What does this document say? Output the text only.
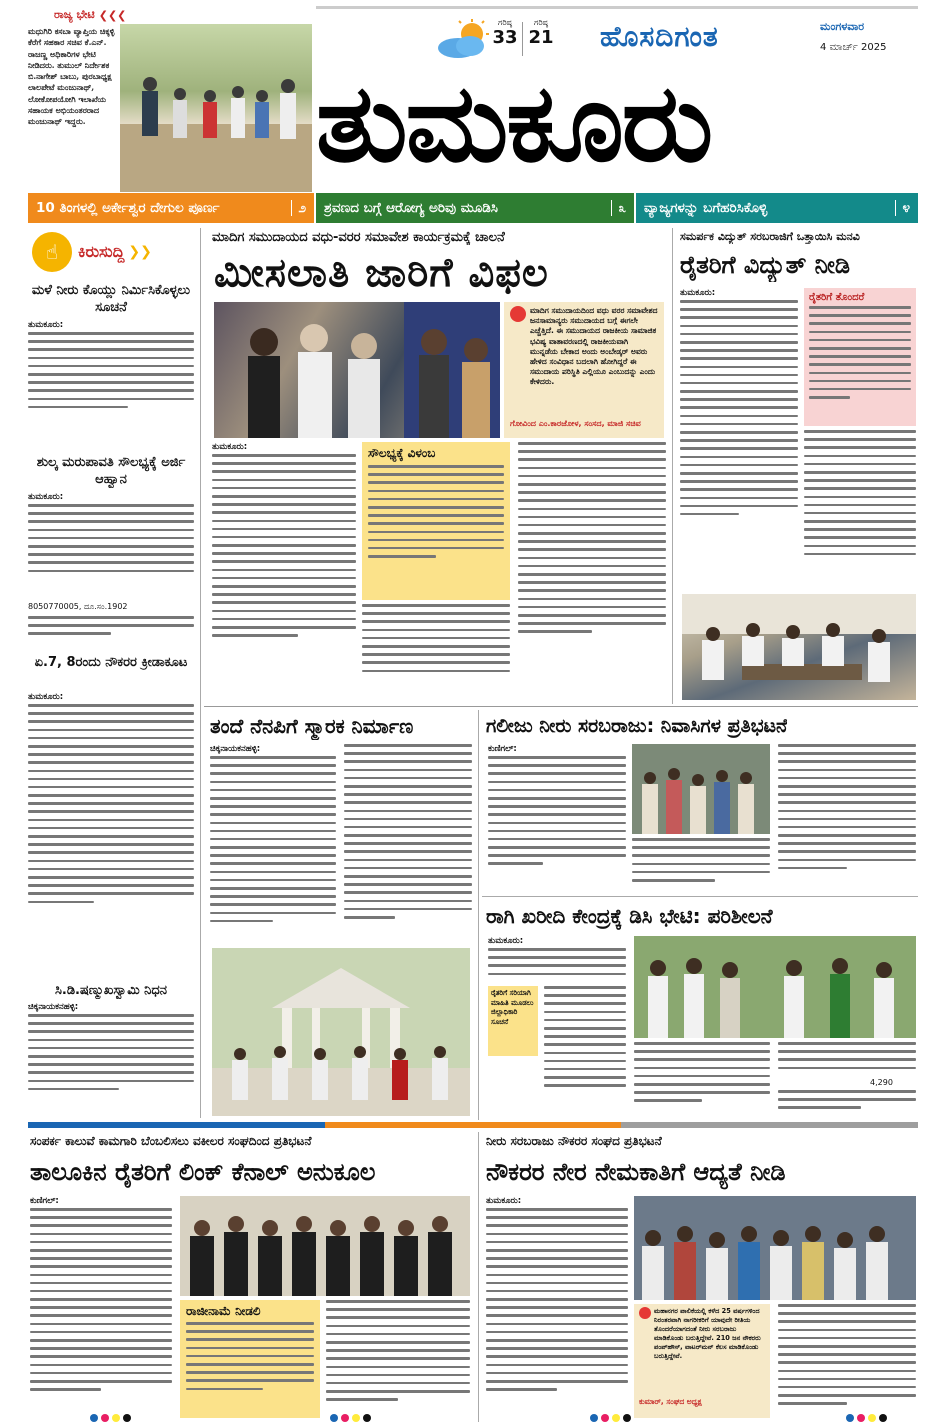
ರಾಜ್ಯ ಭೇಟಿ ❮❮❮
ಮಧುಗಿರಿ ಕಸಬಾ ವ್ಯಾಪ್ತಿಯ ಚಿಕ್ಕಳ್ಳಿ ಕೆರೆಗೆ ಸಹಕಾರ ಸಚಿವ ಕೆ.ಎನ್. ರಾಜಣ್ಣ ಅಧಿಕಾರಿಗಳ ಭೇಟಿ ನೀಡಿದರು. ತುಮುಲ್ ನಿರ್ದೇಶಕ ಬಿ.ನಾಗೇಶ್ ಬಾಬು, ಪುರಬಾಧ್ಯಕ್ಷ ಲಾಲಪೇಟೆ ಮಂಜುನಾಥ್, ಲೋಕೋಪಯೋಗಿ ಇಲಾಖೆಯ ಸಹಾಯಕ ಅಭಿಯಂತರರಾದ ಮಂಜುನಾಥ್ ಇದ್ದರು.
ಗರಿಷ್ಠ
33
ಗರಿಷ್ಠ
21 ಹೊಸದಿಗಂತ	ಮಂಗಳವಾರ
4 ಮಾರ್ಚ್ 2025
ತುಮಕೂರು
10 ತಿಂಗಳಲ್ಲಿ ಅರ್ಕೇಶ್ವರ ದೇಗುಲ ಪೂರ್ಣ	೨ ಶ್ರವಣದ ಬಗ್ಗೆ ಆರೋಗ್ಯ ಅರಿವು ಮೂಡಿಸಿ	೩ ವ್ಯಾಜ್ಯಗಳನ್ನು ಬಗೆಹರಿಸಿಕೊಳ್ಳಿ	೪
☝	ಕಿರುಸುದ್ದಿ ❯❯
ಮಳೆ ನೀರು ಕೊಯ್ಲು ನಿರ್ಮಿಸಿಕೊಳ್ಳಲು ಸೂಚನೆ
ತುಮಕೂರು:
ಶುಲ್ಕ ಮರುಪಾವತಿ ಸೌಲಭ್ಯಕ್ಕೆ ಅರ್ಜಿ ಆಹ್ವಾನ
ತುಮಕೂರು:
8050770005, ದೂ.ಸಂ.1902
ಏ.7, 8ರಂದು ನೌಕರರ ಕ್ರೀಡಾಕೂಟ
ತುಮಕೂರು:
ಸಿ.ಡಿ.ಷಣ್ಮುಖಸ್ವಾಮಿ ನಿಧನ
ಚಿಕ್ಕನಾಯಕನಹಳ್ಳಿ:
ಮಾದಿಗ ಸಮುದಾಯದ ವಧು-ವರರ ಸಮಾವೇಶ ಕಾರ್ಯಕ್ರಮಕ್ಕೆ ಚಾಲನೆ
ಮೀಸಲಾತಿ ಜಾರಿಗೆ ವಿಫಲ
ಮಾದಿಗ ಸಮುದಾಯದಿಂದ ವಧು ವರರ ಸಮಾವೇಶದ ಜನಸಾಮಾನ್ಯರು ಸಮುದಾಯದ ಬಗ್ಗೆ ಈಗಲೇ ಎಚ್ಚೆತ್ತಿದೆ. ಈ ಸಮುದಾಯದ ರಾಜಕೀಯ ಸಾಮಾಜಿಕ ಭವಿಷ್ಯ ವಾತಾವರಣದಲ್ಲಿ ರಾಜಕೀಯವಾಗಿ ಮುನ್ನಡೆಯ ಬೇಕಾದ ಅಂದು ಅಂಬೇಡ್ಕರ್ ಅವರು ಹೇಳಿದ ಸಂವಿಧಾನ ಬದಲಾಗಿ ಹೋಗಿದ್ದರೆ ಈ ಸಮುದಾಯ ಪರಿಸ್ಥಿತಿ ಎಲ್ಲಿಯೂ ಎಂಬುದನ್ನು ಎಂದು ಕೇಳಿದರು.
ಗೋವಿಂದ ಎಂ.ಕಾರಜೋಳ, ಸಂಸದ, ಮಾಜಿ ಸಚಿವ
ತುಮಕೂರು:	ಸೌಲಭ್ಯಕ್ಕೆ ವಿಳಂಬ
ಸಮರ್ಪಕ ವಿದ್ಯುತ್ ಸರಬರಾಜಿಗೆ ಒತ್ತಾಯಿಸಿ ಮನವಿ
ರೈತರಿಗೆ ವಿದ್ಯುತ್ ನೀಡಿ
ತುಮಕೂರು:	ರೈತರಿಗೆ ತೊಂದರೆ
ತಂದೆ ನೆನಪಿಗೆ ಸ್ಮಾರಕ ನಿರ್ಮಾಣ
ಚಿಕ್ಕನಾಯಕನಹಳ್ಳಿ:
ಗಲೀಜು ನೀರು ಸರಬರಾಜು: ನಿವಾಸಿಗಳ ಪ್ರತಿಭಟನೆ
ಕುಣಿಗಲ್:
ರಾಗಿ ಖರೀದಿ ಕೇಂದ್ರಕ್ಕೆ ಡಿಸಿ ಭೇಟಿ: ಪರಿಶೀಲನೆ
ತುಮಕೂರು:
ರೈತರಿಗೆ ಸರಿಯಾಗಿ ಮಾಹಿತಿ ಮೂಡಲು ಜಿಲ್ಲಾಧಿಕಾರಿ ಸೂಚನೆ
4,290
ಸಂಪರ್ಕ ಕಾಲುವೆ ಕಾಮಗಾರಿ ಬೆಂಬಲಿಸಲು ವಕೀಲರ ಸಂಘದಿಂದ ಪ್ರತಿಭಟನೆ
ತಾಲೂಕಿನ ರೈತರಿಗೆ ಲಿಂಕ್ ಕೆನಾಲ್ ಅನುಕೂಲ
ಕುಣಿಗಲ್:
ರಾಜೀನಾಮೆ ನೀಡಲಿ
ನೀರು ಸರಬರಾಜು ನೌಕರರ ಸಂಘದ ಪ್ರತಿಭಟನೆ
ನೌಕರರ ನೇರ ನೇಮಕಾತಿಗೆ ಆದ್ಯತೆ ನೀಡಿ
ತುಮಕೂರು:
ಮಹಾನಗರ ಪಾಲಿಕೆಯಲ್ಲಿ ಕಳೆದ 25 ವರ್ಷಗಳಿಂದ ನಿರಂತರವಾಗಿ ನಾಗರೀಕರಿಗೆ ಯಾವುದೇ ರೀತಿಯ ತೊಂದರೆಯಾಗದಂತೆ ನೀರು ಸರಬರಾಜು ಮಾಡಿಕೊಂಡು ಬರುತ್ತಿದ್ದೇವೆ. 210 ಜನ ನೌಕರರು ಪಂಪ್‌ಹೌಸ್, ವಾಟರ್‌ಮನ್ ಕೆಲಸ ಮಾಡಿಕೊಂಡು ಬರುತ್ತಿದ್ದೇವೆ.
ಕುಮಾರ್, ಸಂಘದ ಅಧ್ಯಕ್ಷ
